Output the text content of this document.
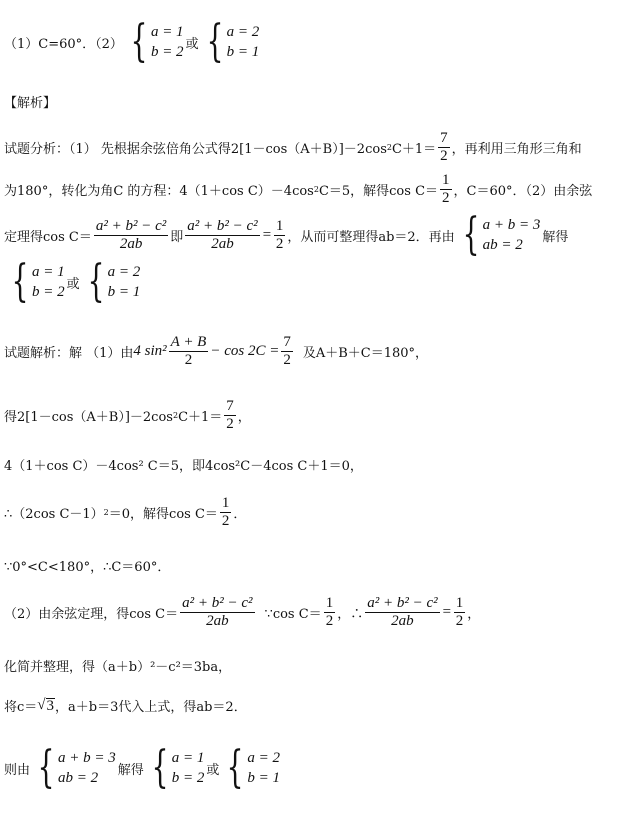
（1）C=60°．（2） { a = 1
b = 2 或 { a = 2
b = 1
【解析】
试题分析：（1） 先根据余弦倍角公式得2[1－cos（A＋B）]－2cos 2 C＋1＝
7
2 ，再利用三角形三角和
为180°，转化为角C 的方程：4（1＋cos C）－4cos 2 C＝5，解得cos C＝
1
2 ，C＝60°．（2）由余弦
定理得cos C＝
a² + b² − c²
2ab 即 $\frac{\text{a² + b² − c²}}{2ab} = \frac{1}{2}$ ，从而可整理得ab＝2．再由 { a + b = 3
ab = 2	解得
{ a = 1
b = 2 或 { a = 2
b = 1
试题解析：解 （1）由 4 sin²
A + B
2
− $\cos 2C = \frac{7}{2}$ 及A＋B＋C＝180°，
得2[1－cos（A＋B）]－2cos 2 C＋1＝
7
2 ，
4（1＋cos C）－4cos² C＝5，即4cos²C－4cos C＋1＝0，
∴（2cos C－1） 2 ＝0，解得cos C＝
1
2 ．
∵0°<C<180°，∴C＝60°．
（2）由余弦定理，得cos C＝
a² + b² − c²
2ab	∵cos C＝
1
2 ，∴ $\frac{\text{a² + b² − c²}}{2ab} = \frac{1}{2}$ ，
化简并整理，得（a＋b）²－c²＝3ba，
将c＝ √ 3 ，a＋b＝3代入上式，得ab＝2．
则由 { a + b = 3
ab = 2	解得 { a = 1
b = 2 或 { a = 2
b = 1
